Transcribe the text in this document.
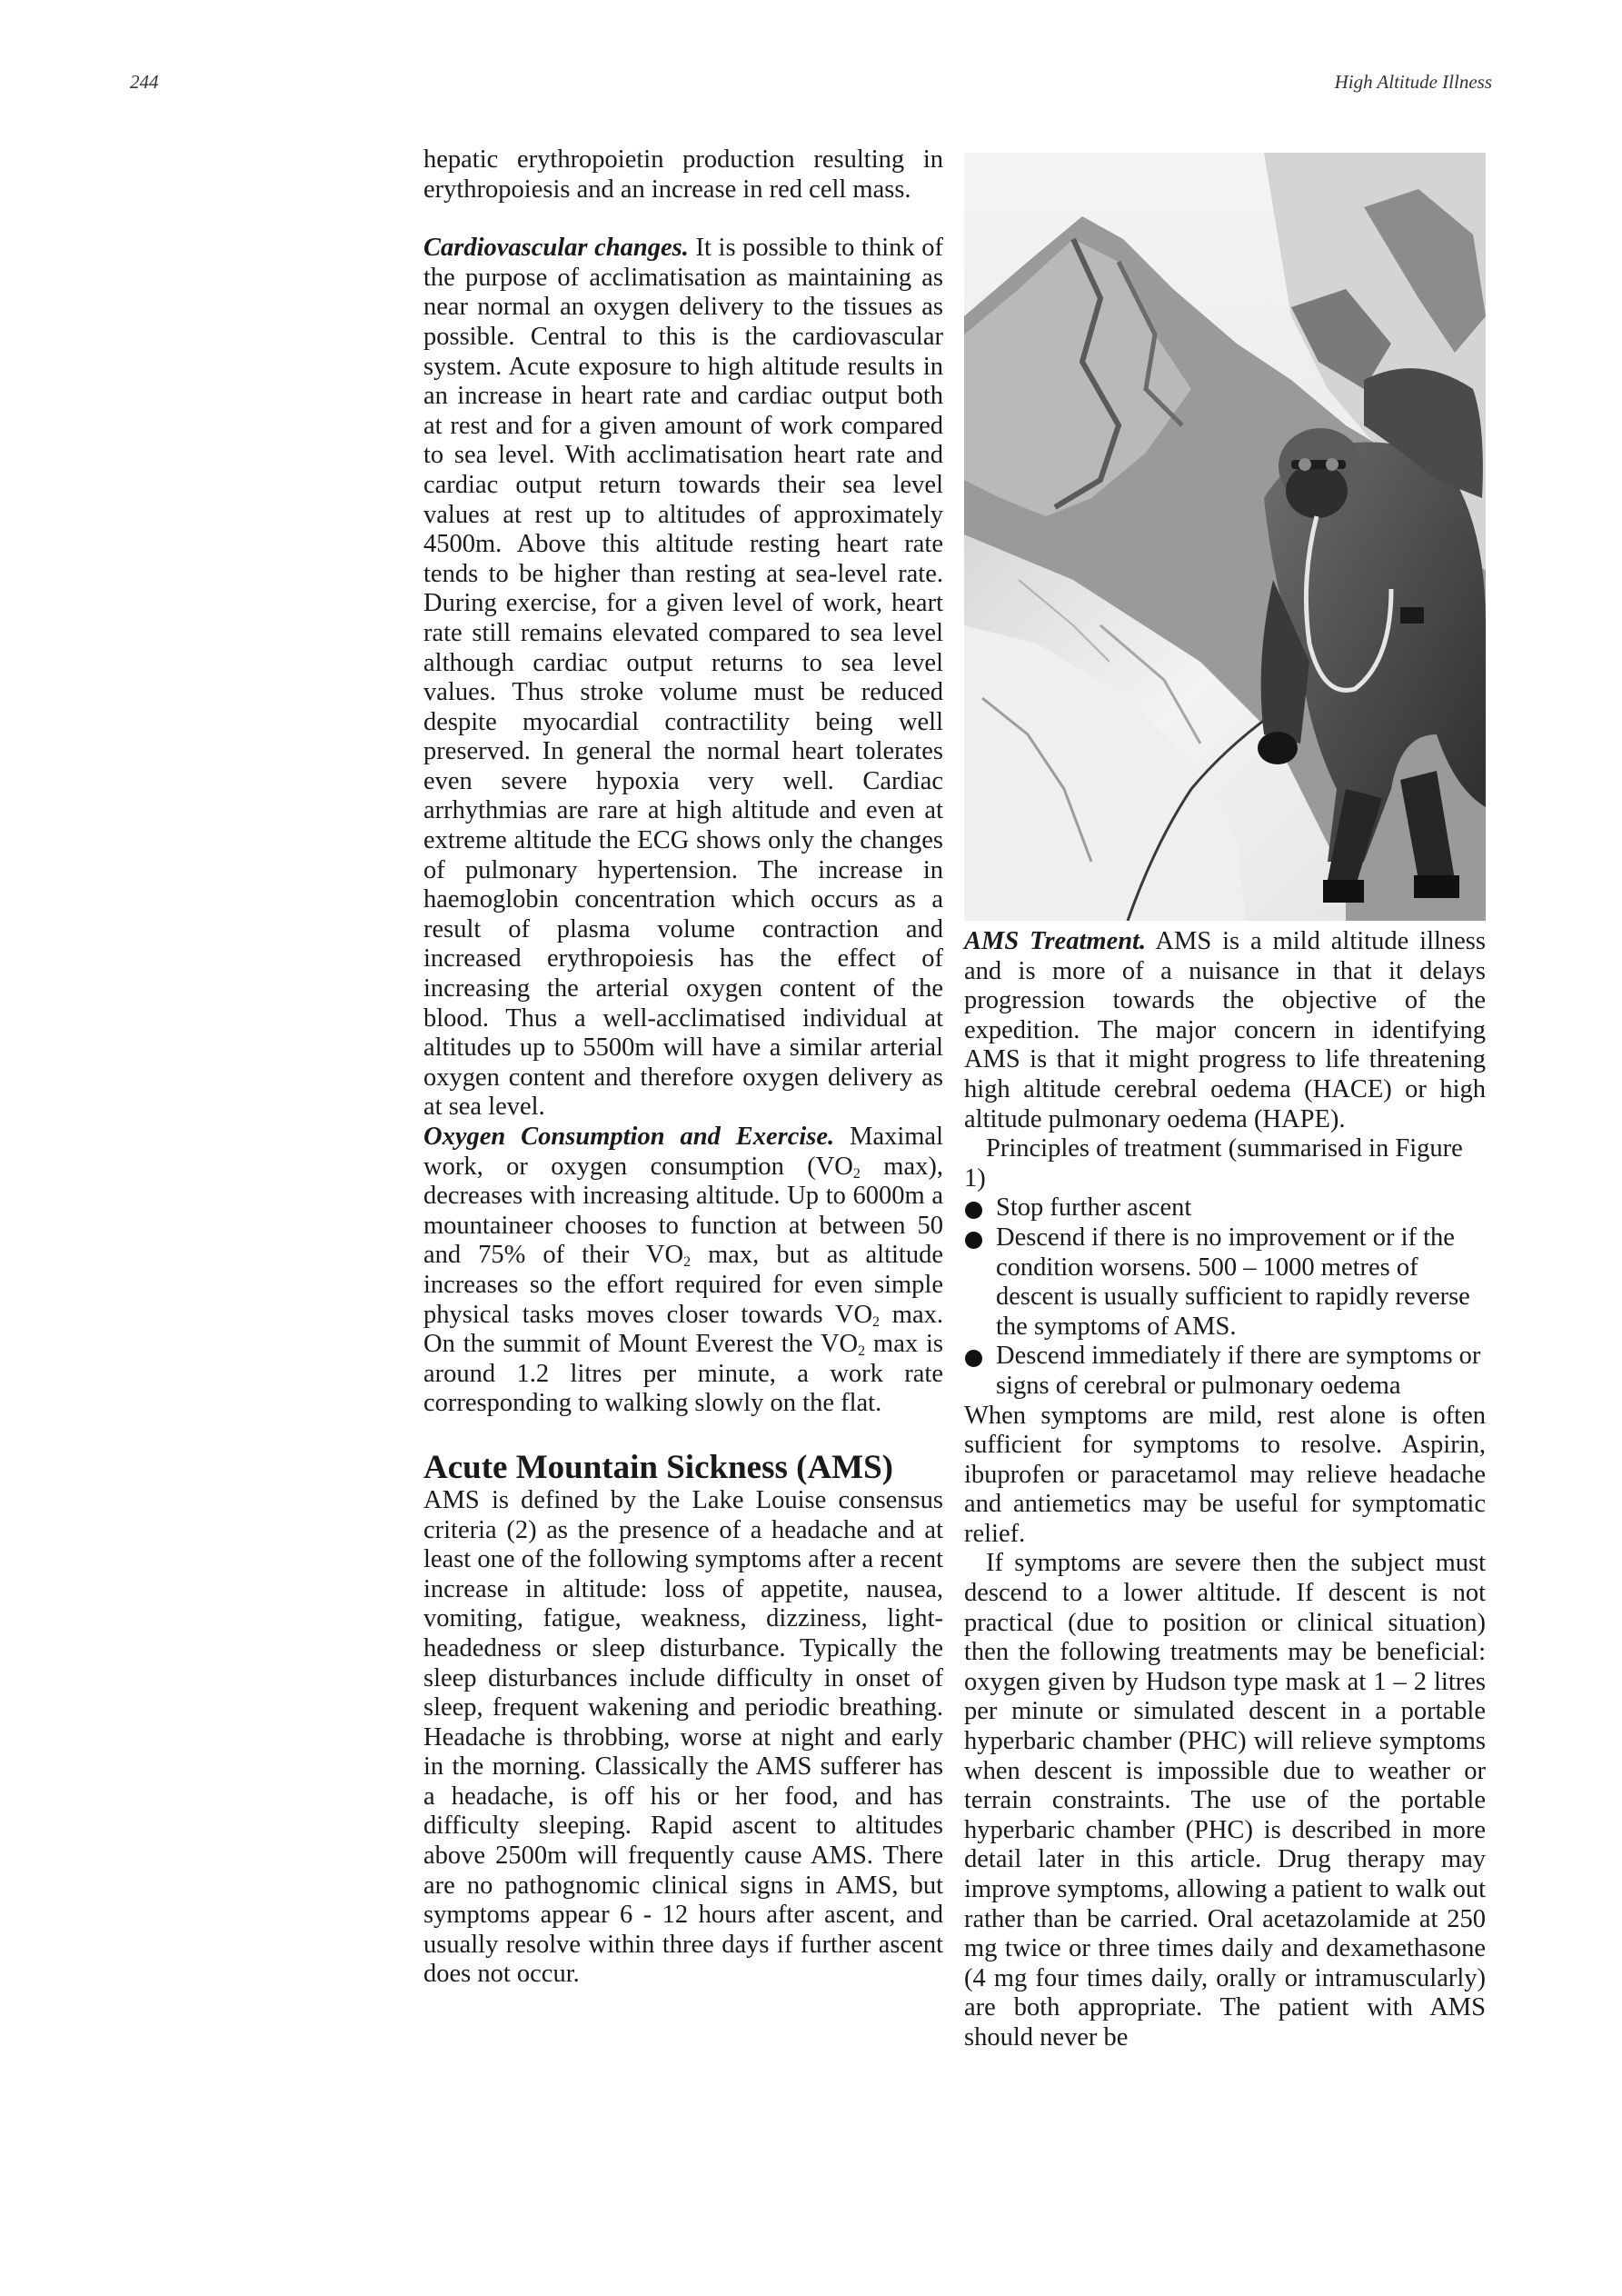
244	High Altitude Illness

hepatic erythropoietin production resulting in erythropoiesis and an increase in red cell mass.

Cardiovascular changes. It is possible to think of the purpose of acclimatisation as maintaining as near normal an oxygen delivery to the tissues as possible. Central to this is the cardiovascular system. Acute exposure to high altitude results in an increase in heart rate and cardiac output both at rest and for a given amount of work compared to sea level. With acclimatisation heart rate and cardiac output return towards their sea level values at rest up to altitudes of approximately 4500m. Above this altitude resting heart rate tends to be higher than resting at sea-level rate. During exercise, for a given level of work, heart rate still remains elevated compared to sea level although cardiac output returns to sea level values. Thus stroke volume must be reduced despite myocardial contractility being well preserved. In general the normal heart tolerates even severe hypoxia very well. Cardiac arrhythmias are rare at high altitude and even at extreme altitude the ECG shows only the changes of pulmonary hypertension. The increase in haemoglobin concentration which occurs as a result of plasma volume contraction and increased erythropoiesis has the effect of increasing the arterial oxygen content of the blood. Thus a well-acclimatised individual at altitudes up to 5500m will have a similar arterial oxygen content and therefore oxygen delivery as at sea level.

Oxygen Consumption and Exercise. Maximal work, or oxygen consumption ($VO_2$ max), decreases with increasing altitude. Up to 6000m a mountaineer chooses to function at between 50 and 75% of their $VO_2$ max, but as altitude increases so the effort required for even simple physical tasks moves closer towards $VO_2$ max. On the summit of Mount Everest the $VO_2$ max is around 1.2 litres per minute, a work rate corresponding to walking slowly on the flat.

Acute Mountain Sickness (AMS)

AMS is defined by the Lake Louise consensus criteria (2) as the presence of a headache and at least one of the following symptoms after a recent increase in altitude: loss of appetite, nausea, vomiting, fatigue, weakness, dizziness, light-headedness or sleep disturbance. Typically the sleep disturbances include difficulty in onset of sleep, frequent wakening and periodic breathing. Headache is throbbing, worse at night and early in the morning. Classically the AMS sufferer has a headache, is off his or her food, and has difficulty sleeping. Rapid ascent to altitudes above 2500m will frequently cause AMS. There are no pathognomic clinical signs in AMS, but symptoms appear 6 - 12 hours after ascent, and usually resolve within three days if further ascent does not occur.

AMS Treatment. AMS is a mild altitude illness and is more of a nuisance in that it delays progression towards the objective of the expedition. The major concern in identifying AMS is that it might progress to life threatening high altitude cerebral oedema (HACE) or high altitude pulmonary oedema (HAPE).

Principles of treatment (summarised in Figure 1)

Stop further ascent
Descend if there is no improvement or if the condition worsens. 500 – 1000 metres of descent is usually sufficient to rapidly reverse the symptoms of AMS.
Descend immediately if there are symptoms or signs of cerebral or pulmonary oedema

When symptoms are mild, rest alone is often sufficient for symptoms to resolve. Aspirin, ibuprofen or paracetamol may relieve headache and antiemetics may be useful for symptomatic relief.

If symptoms are severe then the subject must descend to a lower altitude. If descent is not practical (due to position or clinical situation) then the following treatments may be beneficial: oxygen given by Hudson type mask at 1 – 2 litres per minute or simulated descent in a portable hyperbaric chamber (PHC) will relieve symptoms when descent is impossible due to weather or terrain constraints. The use of the portable hyperbaric chamber (PHC) is described in more detail later in this article. Drug therapy may improve symptoms, allowing a patient to walk out rather than be carried. Oral acetazolamide at 250 mg twice or three times daily and dexamethasone (4 mg four times daily, orally or intramuscularly) are both appropriate. The patient with AMS should never be
